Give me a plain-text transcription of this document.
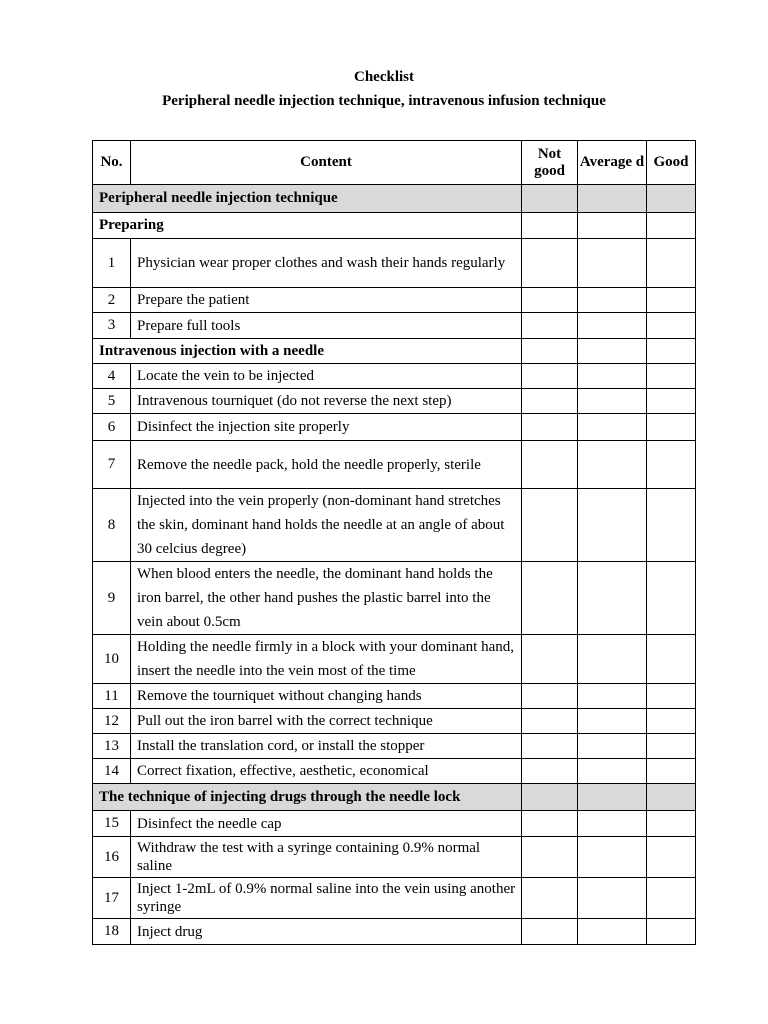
Checklist
Peripheral needle injection technique, intravenous infusion technique
No.	Content	Not good	Average d	Good
Peripheral needle injection technique				
Preparing				
1	Physician wear proper clothes and wash their hands regularly			
2	Prepare the patient			
3	Prepare full tools			
Intravenous injection with a needle				
4	Locate the vein to be injected			
5	Intravenous tourniquet (do not reverse the next step)			
6	Disinfect the injection site properly			
7	Remove the needle pack, hold the needle properly, sterile			
8	Injected into the vein properly (non-dominant hand stretches the skin, dominant hand holds the needle at an angle of about 30 celcius degree)			
9	When blood enters the needle, the dominant hand holds the iron barrel, the other hand pushes the plastic barrel into the vein about 0.5cm			
10	Holding the needle firmly in a block with your dominant hand, insert the needle into the vein most of the time			
11	Remove the tourniquet without changing hands			
12	Pull out the iron barrel with the correct technique			
13	Install the translation cord, or install the stopper			
14	Correct fixation, effective, aesthetic, economical			
The technique of injecting drugs through the needle lock				
15	Disinfect the needle cap			
16	Withdraw the test with a syringe containing 0.9% normal saline			
17	Inject 1-2mL of 0.9% normal saline into the vein using another syringe			
18	Inject drug			
